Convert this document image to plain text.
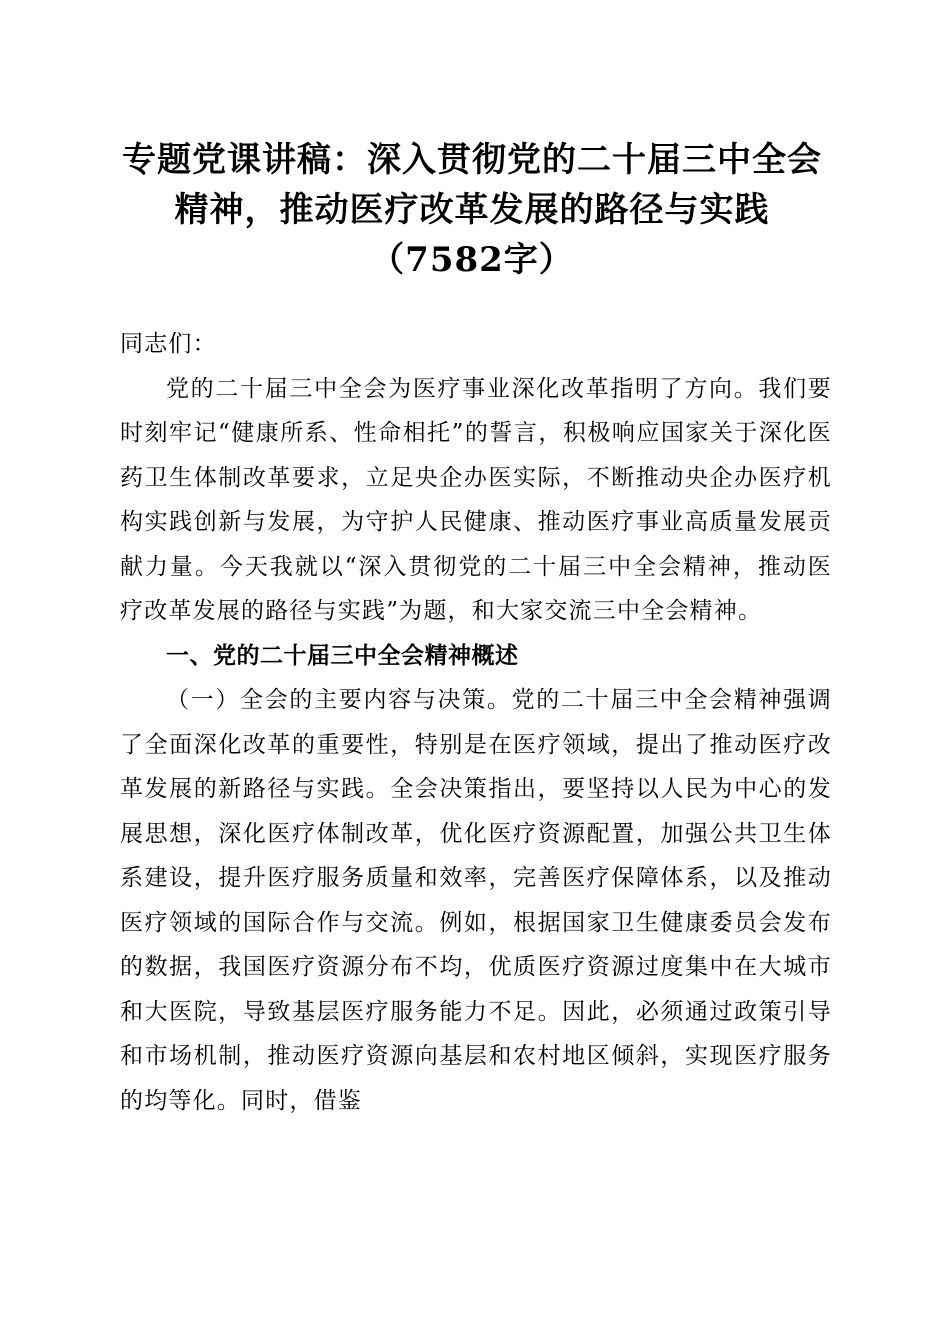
专题党课讲稿：深入贯彻党的二十届三中全会精神，推动医疗改革发展的路径与实践（7582字）

同志们：

党的二十届三中全会为医疗事业深化改革指明了方向。我们要时刻牢记“健康所系、性命相托”的誓言，积极响应国家关于深化医药卫生体制改革要求，立足央企办医实际，不断推动央企办医疗机构实践创新与发展，为守护人民健康、推动医疗事业高质量发展贡献力量。今天我就以“深入贯彻党的二十届三中全会精神，推动医疗改革发展的路径与实践”为题，和大家交流三中全会精神。

一、党的二十届三中全会精神概述

（一）全会的主要内容与决策。党的二十届三中全会精神强调了全面深化改革的重要性，特别是在医疗领域，提出了推动医疗改革发展的新路径与实践。全会决策指出，要坚持以人民为中心的发展思想，深化医疗体制改革，优化医疗资源配置，加强公共卫生体系建设，提升医疗服务质量和效率，完善医疗保障体系，以及推动医疗领域的国际合作与交流。例如，根据国家卫生健康委员会发布的数据，我国医疗资源分布不均，优质医疗资源过度集中在大城市和大医院，导致基层医疗服务能力不足。因此，必须通过政策引导和市场机制，推动医疗资源向基层和农村地区倾斜，实现医疗服务的均等化。同时，借鉴
